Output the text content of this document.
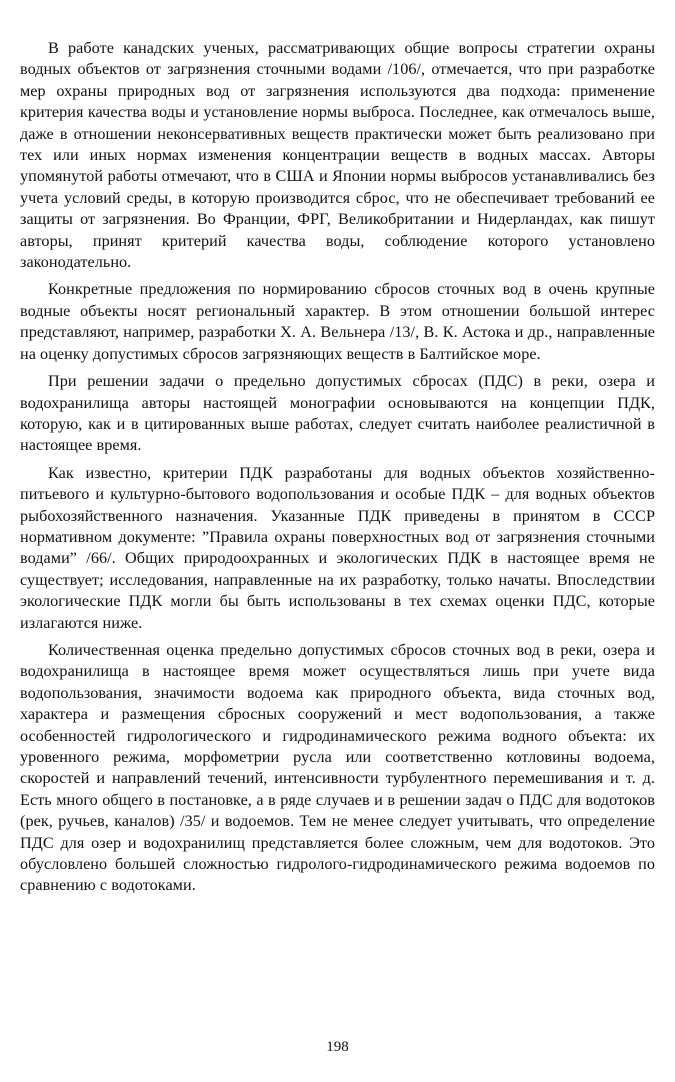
В работе канадских ученых, рассматривающих общие вопросы стратегии охраны водных объектов от загрязнения сточными водами /106/, отмечается, что при разработке мер охраны природных вод от загрязнения используются два подхода: применение критерия качества воды и установление нормы выброса. Последнее, как отмечалось выше, даже в отношении неконсервативных веществ практически может быть реализовано при тех или иных нормах изменения концентрации веществ в водных массах. Авторы упомянутой работы отмечают, что в США и Японии нормы выбросов устанавливались без учета условий среды, в которую производится сброс, что не обеспечивает требований ее защиты от загрязнения. Во Франции, ФРГ, Великобритании и Нидерландах, как пишут авторы, принят критерий качества воды, соблюдение которого установлено законодательно.

Конкретные предложения по нормированию сбросов сточных вод в очень крупные водные объекты носят региональный характер. В этом отношении большой интерес представляют, например, разработки Х. А. Вельнера /13/, В. К. Астока и др., направленные на оценку допустимых сбросов загрязняющих веществ в Балтийское море.

При решении задачи о предельно допустимых сбросах (ПДС) в реки, озера и водохранилища авторы настоящей монографии основываются на концепции ПДК, которую, как и в цитированных выше работах, следует считать наиболее реалистичной в настоящее время.

Как известно, критерии ПДК разработаны для водных объектов хозяйственно-питьевого и культурно-бытового водопользования и особые ПДК – для водных объектов рыбохозяйственного назначения. Указанные ПДК приведены в принятом в СССР нормативном документе: ”Правила охраны поверхностных вод от загрязнения сточными водами” /66/. Общих природоохранных и экологических ПДК в настоящее время не существует; исследования, направленные на их разработку, только начаты. Впоследствии экологические ПДК могли бы быть использованы в тех схемах оценки ПДС, которые излагаются ниже.

Количественная оценка предельно допустимых сбросов сточных вод в реки, озера и водохранилища в настоящее время может осуществляться лишь при учете вида водопользования, значимости водоема как природного объекта, вида сточных вод, характера и размещения сбросных сооружений и мест водопользования, а также особенностей гидрологического и гидродинамического режима водного объекта: их уровенного режима, морфометрии русла или соответственно котловины водоема, скоростей и направлений течений, интенсивности турбулентного перемешивания и т. д. Есть много общего в постановке, а в ряде случаев и в решении задач о ПДС для водотоков (рек, ручьев, каналов) /35/ и водоемов. Тем не менее следует учитывать, что определение ПДС для озер и водохранилищ представляется более сложным, чем для водотоков. Это обусловлено большей сложностью гидролого-гидродинамического режима водоемов по сравнению с водотоками.

198
